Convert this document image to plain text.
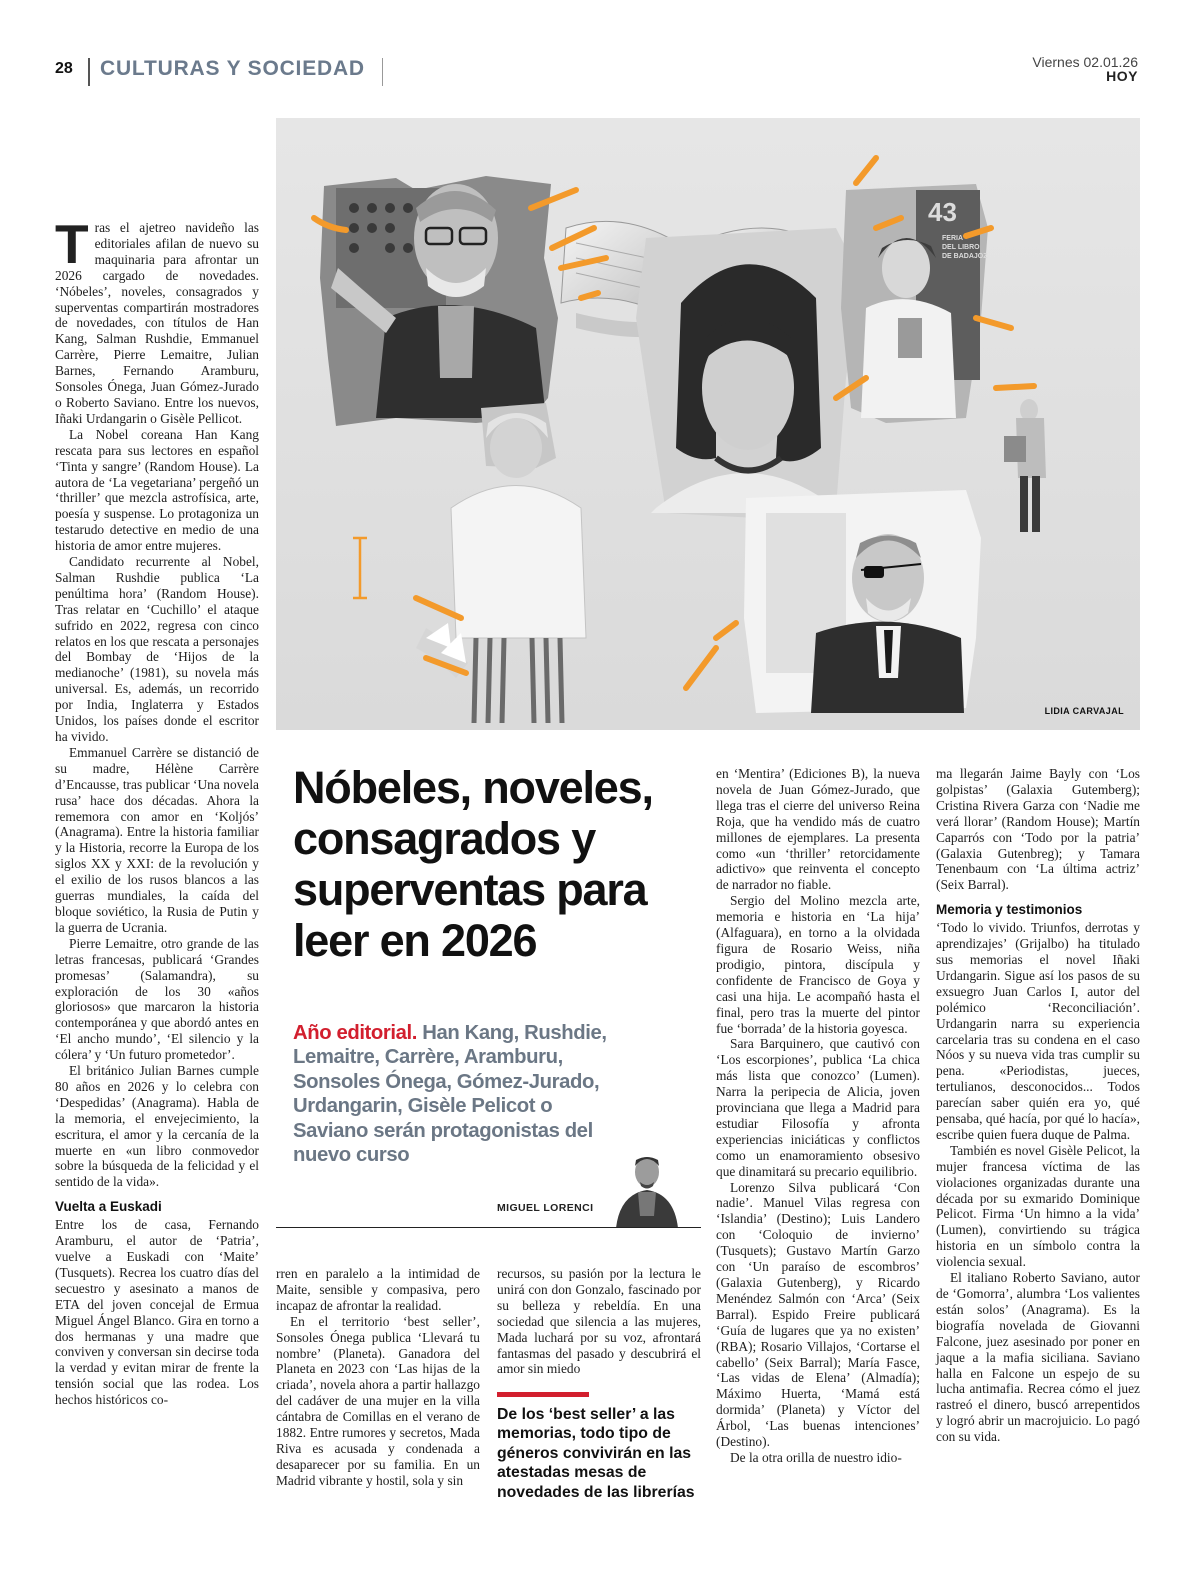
28 CULTURAS Y SOCIEDAD	Viernes 02.01.26
HOY
43
FERIA
DEL LIBRO
DE BADAJOZ
LIDIA CARVAJAL

Tras el ajetreo navideño las editoriales afilan de nuevo su maquinaria para afrontar un 2026 cargado de novedades. ‘Nóbeles’, noveles, consagrados y superventas compartirán mostradores de novedades, con títulos de Han Kang, Salman Rushdie, Emmanuel Carrère, Pierre Lemaitre, Julian Barnes, Fernando Aramburu, Sonsoles Ónega, Juan Gómez-Jurado o Roberto Saviano. Entre los nuevos, Iñaki Urdangarin o Gisèle Pellicot.

La Nobel coreana Han Kang rescata para sus lectores en español ‘Tinta y sangre’ (Random House). La autora de ‘La vegetariana’ pergeñó un ‘thriller’ que mezcla astrofísica, arte, poesía y suspense. Lo protagoniza un testarudo detective en medio de una historia de amor entre mujeres.

Candidato recurrente al Nobel, Salman Rushdie publica ‘La penúltima hora’ (Random House). Tras relatar en ‘Cuchillo’ el ataque sufrido en 2022, regresa con cinco relatos en los que rescata a personajes del Bombay de ‘Hijos de la medianoche’ (1981), su novela más universal. Es, además, un recorrido por India, Inglaterra y Estados Unidos, los países donde el escritor ha vivido.

Emmanuel Carrère se distanció de su madre, Hélène Carrère d’Encausse, tras publicar ‘Una novela rusa’ hace dos décadas. Ahora la rememora con amor en ‘Koljós’ (Anagrama). Entre la historia familiar y la Historia, recorre la Europa de los siglos XX y XXI: de la revolución y el exilio de los rusos blancos a las guerras mundiales, la caída del bloque soviético, la Rusia de Putin y la guerra de Ucrania.

Pierre Lemaitre, otro grande de las letras francesas, publicará ‘Grandes promesas’ (Salamandra), su exploración de los 30 «años gloriosos» que marcaron la historia contemporánea y que abordó antes en ‘El ancho mundo’, ‘El silencio y la cólera’ y ‘Un futuro prometedor’.

El británico Julian Barnes cumple 80 años en 2026 y lo celebra con ‘Despedidas’ (Anagrama). Habla de la memoria, el envejecimiento, la escritura, el amor y la cercanía de la muerte en «un libro conmovedor sobre la búsqueda de la felicidad y el sentido de la vida».

Vuelta a Euskadi

Entre los de casa, Fernando Aramburu, el autor de ‘Patria’, vuelve a Euskadi con ‘Maite’ (Tusquets). Recrea los cuatro días del secuestro y asesinato a manos de ETA del joven concejal de Ermua Miguel Ángel Blanco. Gira en torno a dos hermanas y una madre que conviven y conversan sin decirse toda la verdad y evitan mirar de frente la tensión social que las rodea. Los hechos históricos co-

Nóbeles, noveles, consagrados y superventas para leer en 2026
Año editorial. Han Kang, Rushdie, Lemaitre, Carrère, Aramburu, Sonsoles Ónega, Gómez-Jurado, Urdangarin, Gisèle Pelicot o Saviano serán protagonistas del nuevo curso
MIGUEL LORENCI

rren en paralelo a la intimidad de Maite, sensible y compasiva, pero incapaz de afrontar la realidad.

En el territorio ‘best seller’, Sonsoles Ónega publica ‘Llevará tu nombre’ (Planeta). Ganadora del Planeta en 2023 con ‘Las hijas de la criada’, novela ahora a partir hallazgo del cadáver de una mujer en la villa cántabra de Comillas en el verano de 1882. Entre rumores y secretos, Mada Riva es acusada y condenada a desaparecer por su familia. En un Madrid vibrante y hostil, sola y sin

recursos, su pasión por la lectura le unirá con don Gonzalo, fascinado por su belleza y rebeldía. En una sociedad que silencia a las mujeres, Mada luchará por su voz, afrontará fantasmas del pasado y descubrirá el amor sin miedo

De los ‘best seller’ a las memorias, todo tipo de géneros convivirán en las atestadas mesas de novedades de las librerías

en ‘Mentira’ (Ediciones B), la nueva novela de Juan Gómez-Jurado, que llega tras el cierre del universo Reina Roja, que ha vendido más de cuatro millones de ejemplares. La presenta como «un ‘thriller’ retorcidamente adictivo» que reinventa el concepto de narrador no fiable.

Sergio del Molino mezcla arte, memoria e historia en ‘La hija’ (Alfaguara), en torno a la olvidada figura de Rosario Weiss, niña prodigio, pintora, discípula y confidente de Francisco de Goya y casi una hija. Le acompañó hasta el final, pero tras la muerte del pintor fue ‘borrada’ de la historia goyesca.

Sara Barquinero, que cautivó con ‘Los escorpiones’, publica ‘La chica más lista que conozco’ (Lumen). Narra la peripecia de Alicia, joven provinciana que llega a Madrid para estudiar Filosofía y afronta experiencias iniciáticas y conflictos como un enamoramiento obsesivo que dinamitará su precario equilibrio.

Lorenzo Silva publicará ‘Con nadie’. Manuel Vilas regresa con ‘Islandia’ (Destino); Luis Landero con ‘Coloquio de invierno’ (Tusquets); Gustavo Martín Garzo con ‘Un paraíso de escombros’ (Galaxia Gutenberg), y Ricardo Menéndez Salmón con ‘Arca’ (Seix Barral). Espido Freire publicará ‘Guía de lugares que ya no existen’ (RBA); Rosario Villajos, ‘Cortarse el cabello’ (Seix Barral); María Fasce, ‘Las vidas de Elena’ (Almadía); Máximo Huerta, ‘Mamá está dormida’ (Planeta) y Víctor del Árbol, ‘Las buenas intenciones’ (Destino).

De la otra orilla de nuestro idio-

ma llegarán Jaime Bayly con ‘Los golpistas’ (Galaxia Gutemberg); Cristina Rivera Garza con ‘Nadie me verá llorar’ (Random House); Martín Caparrós con ‘Todo por la patria’ (Galaxia Gutenbreg); y Tamara Tenenbaum con ‘La última actriz’ (Seix Barral).

Memoria y testimonios

‘Todo lo vivido. Triunfos, derrotas y aprendizajes’ (Grijalbo) ha titulado sus memorias el novel Iñaki Urdangarin. Sigue así los pasos de su exsuegro Juan Carlos I, autor del polémico ‘Reconciliación’. Urdangarin narra su experiencia carcelaria tras su condena en el caso Nóos y su nueva vida tras cumplir su pena. «Periodistas, jueces, tertulianos, desconocidos... Todos parecían saber quién era yo, qué pensaba, qué hacía, por qué lo hacía», escribe quien fuera duque de Palma.

También es novel Gisèle Pelicot, la mujer francesa víctima de las violaciones organizadas durante una década por su exmarido Dominique Pelicot. Firma ‘Un himno a la vida’ (Lumen), convirtiendo su trágica historia en un símbolo contra la violencia sexual.

El italiano Roberto Saviano, autor de ‘Gomorra’, alumbra ‘Los valientes están solos’ (Anagrama). Es la biografía novelada de Giovanni Falcone, juez asesinado por poner en jaque a la mafia siciliana. Saviano halla en Falcone un espejo de su lucha antimafia. Recrea cómo el juez rastreó el dinero, buscó arrepentidos y logró abrir un macrojuicio. Lo pagó con su vida.
